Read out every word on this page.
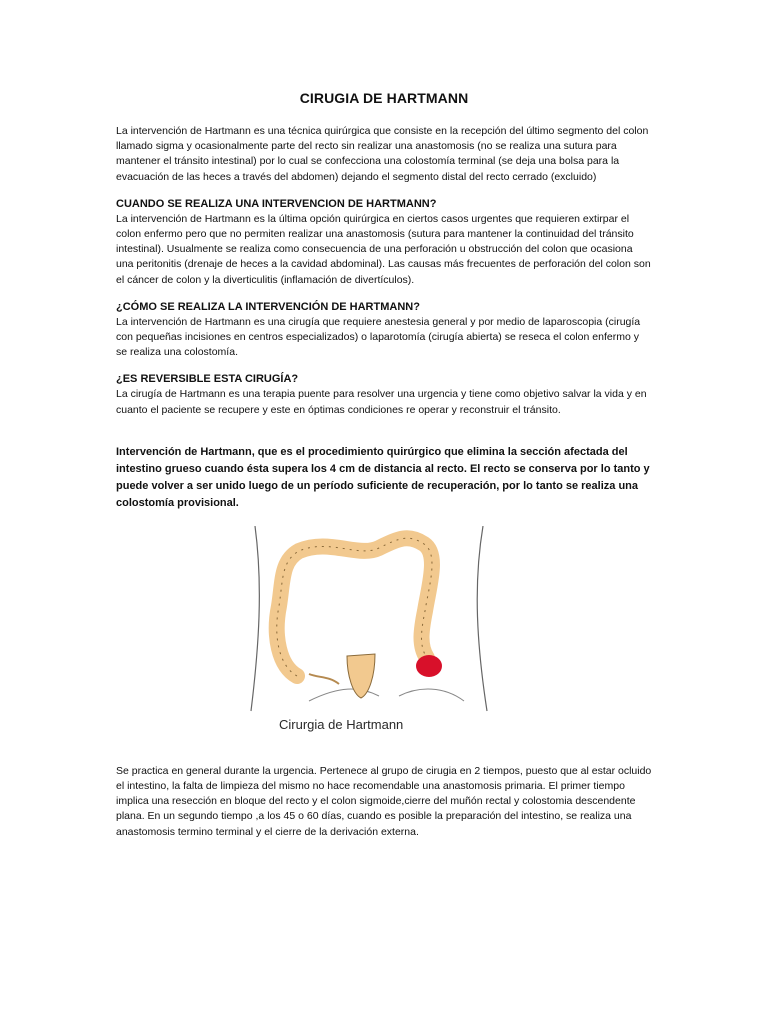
CIRUGIA DE HARTMANN

La intervención de Hartmann es una técnica quirúrgica que consiste en la recepción del último segmento del colon llamado sigma y ocasionalmente parte del recto sin realizar una anastomosis (no se realiza una sutura para mantener el tránsito intestinal) por lo cual se confecciona una colostomía terminal (se deja una bolsa para la evacuación de las heces a través del abdomen) dejando el segmento distal del recto cerrado (excluido)

CUANDO SE REALIZA UNA INTERVENCION DE HARTMANN?

La intervención de Hartmann es la última opción quirúrgica en ciertos casos urgentes que requieren extirpar el colon enfermo pero que no permiten realizar una anastomosis (sutura para mantener la continuidad del tránsito intestinal). Usualmente se realiza como consecuencia de una perforación u obstrucción del colon que ocasiona una peritonitis (drenaje de heces a la cavidad abdominal). Las causas más frecuentes de perforación del colon son el cáncer de colon y la diverticulitis (inflamación de divertículos).

¿CÓMO SE REALIZA LA INTERVENCIÓN DE HARTMANN?

La intervención de Hartmann es una cirugía que requiere anestesia general y por medio de laparoscopia (cirugía con pequeñas incisiones en centros especializados) o laparotomía (cirugía abierta) se reseca el colon enfermo y se realiza una colostomía.

¿ES REVERSIBLE ESTA CIRUGÍA?

La cirugía de Hartmann es una terapia puente para resolver una urgencia y tiene como objetivo salvar la vida y en cuanto el paciente se recupere y este en óptimas condiciones re operar y reconstruir el tránsito.

Intervención de Hartmann, que es el procedimiento quirúrgico que elimina la sección afectada del intestino grueso cuando ésta supera los 4 cm de distancia al recto. El recto se conserva por lo tanto y puede volver a ser unido luego de un período suficiente de recuperación, por lo tanto se realiza una colostomía provisional.

Cirurgia de Hartmann

Se practica en general durante la urgencia. Pertenece al grupo de cirugia en 2 tiempos, puesto que al estar ocluido el intestino, la falta de limpieza del mismo no hace recomendable una anastomosis primaria. El primer tiempo implica una resección en bloque del recto y el colon sigmoide,cierre del muñón rectal y colostomia descendente plana. En un segundo tiempo ,a los 45 o 60 días, cuando es posible la preparación del intestino, se realiza una anastomosis termino terminal y el cierre de la derivación externa.
